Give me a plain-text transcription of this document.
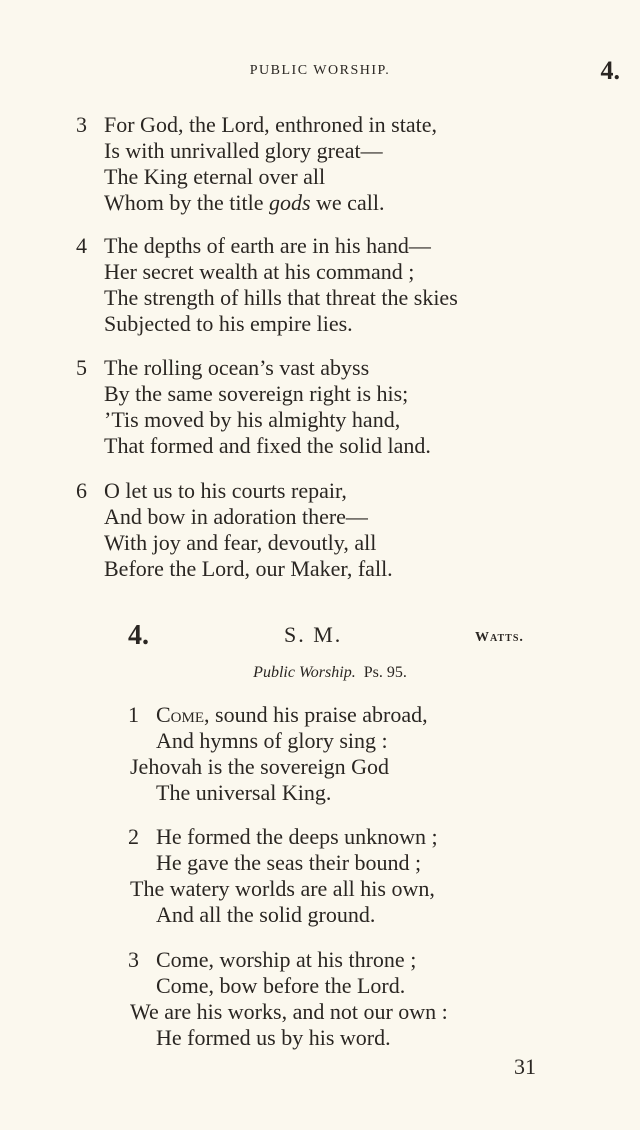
PUBLIC WORSHIP.	4.
3 For God, the Lord, enthroned in state,
Is with unrivalled glory great—
The King eternal over all
Whom by the title gods we call.
4 The depths of earth are in his hand—
Her secret wealth at his command ;
The strength of hills that threat the skies
Subjected to his empire lies.
5 The rolling ocean’s vast abyss
By the same sovereign right is his;
’Tis moved by his almighty hand,
That formed and fixed the solid land.
6 O let us to his courts repair,
And bow in adoration there—
With joy and fear, devoutly, all
Before the Lord, our Maker, fall.
4.	S. M.	Watts.
Public Worship. Ps. 95.
1 Come, sound his praise abroad,
And hymns of glory sing :
Jehovah is the sovereign God
The universal King.
2 He formed the deeps unknown ;
He gave the seas their bound ;
The watery worlds are all his own,
And all the solid ground.
3 Come, worship at his throne ;
Come, bow before the Lord.
We are his works, and not our own :
He formed us by his word.
31
